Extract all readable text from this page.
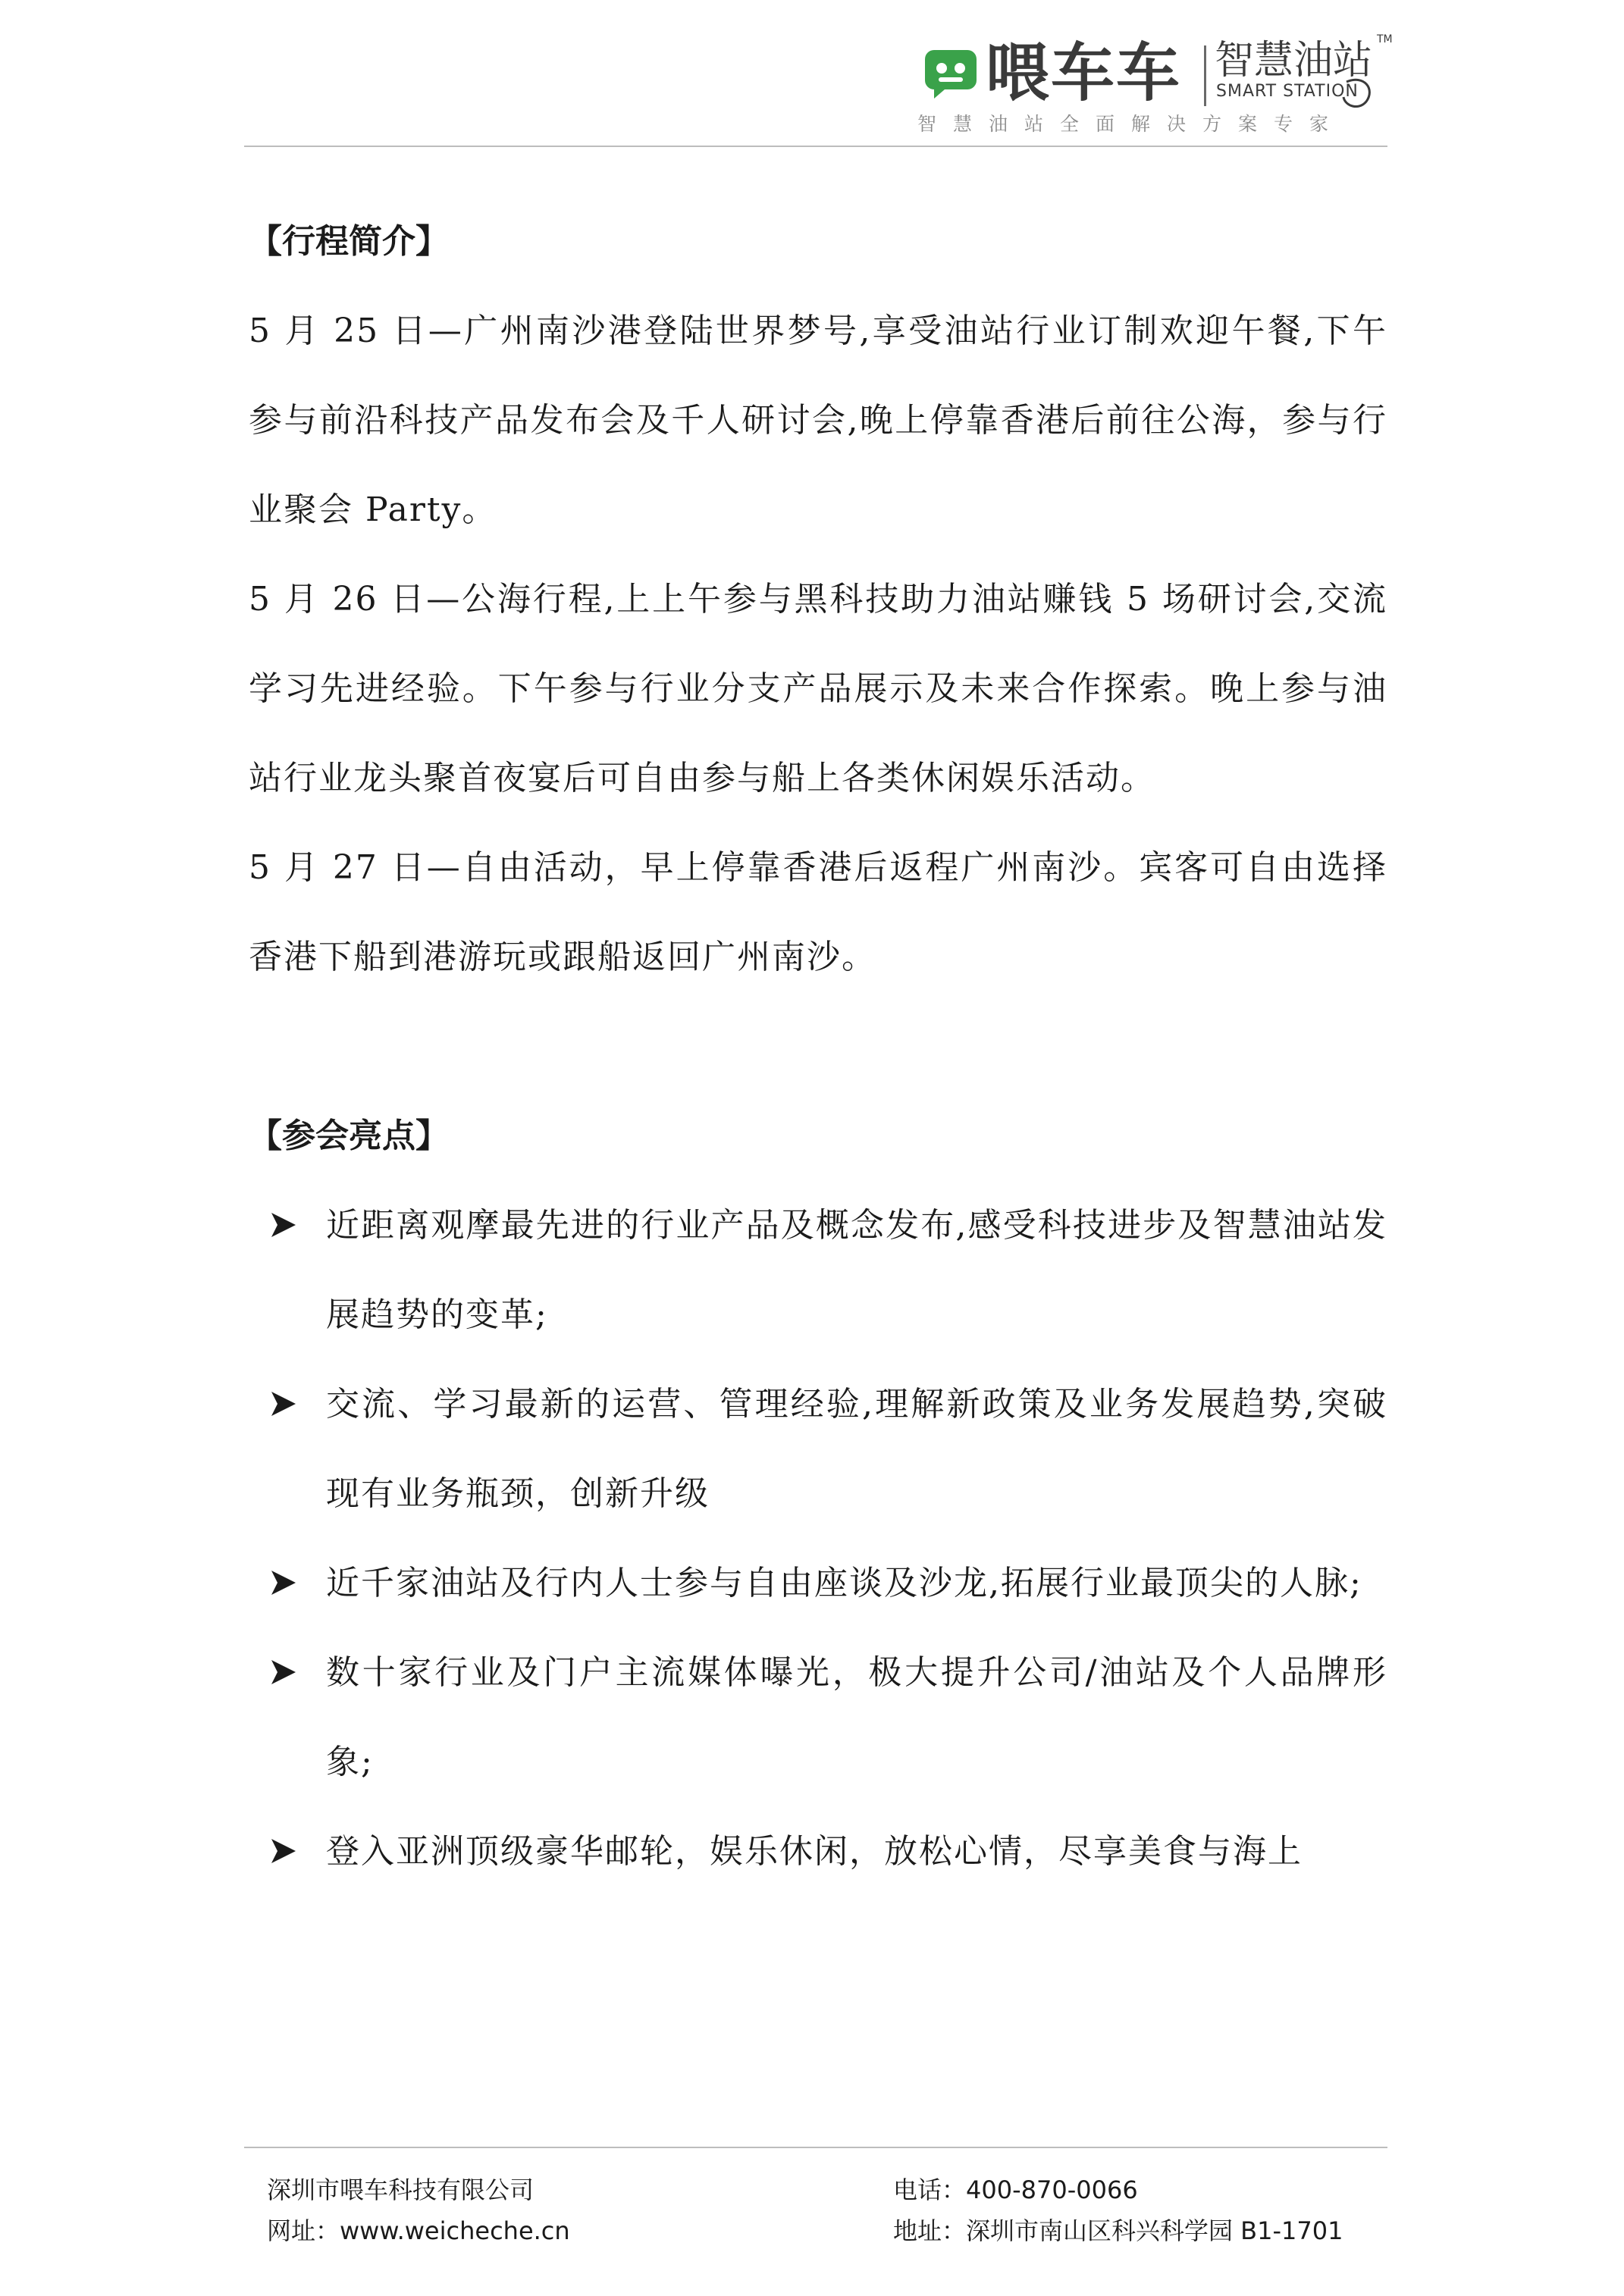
喂车车 智慧油站 TM
SMART STATION
智慧油站全面解决方案专家
【行程简介】
5 月 25 日—广州南沙港登陆世界梦号,享受油站行业订制欢迎午餐,下午参与前沿科技产品发布会及千人研讨会,晚上停靠香港后前往公海，参与行业聚会 Party。
5 月 26 日—公海行程,上上午参与黑科技助力油站赚钱 5 场研讨会,交流学习先进经验。下午参与行业分支产品展示及未来合作探索。晚上参与油站行业龙头聚首夜宴后可自由参与船上各类休闲娱乐活动。
5 月 27 日—自由活动，早上停靠香港后返程广州南沙。宾客可自由选择香港下船到港游玩或跟船返回广州南沙。
【参会亮点】
近距离观摩最先进的行业产品及概念发布,感受科技进步及智慧油站发展趋势的变革;
交流、学习最新的运营、管理经验,理解新政策及业务发展趋势,突破现有业务瓶颈，创新升级
近千家油站及行内人士参与自由座谈及沙龙,拓展行业最顶尖的人脉;
数十家行业及门户主流媒体曝光，极大提升公司/油站及个人品牌形象;
登入亚洲顶级豪华邮轮，娱乐休闲，放松心情，尽享美食与海上
深圳市喂车科技有限公司
网址：www.weicheche.cn
电话：400-870-0066
地址：深圳市南山区科兴科学园 B1-1701
